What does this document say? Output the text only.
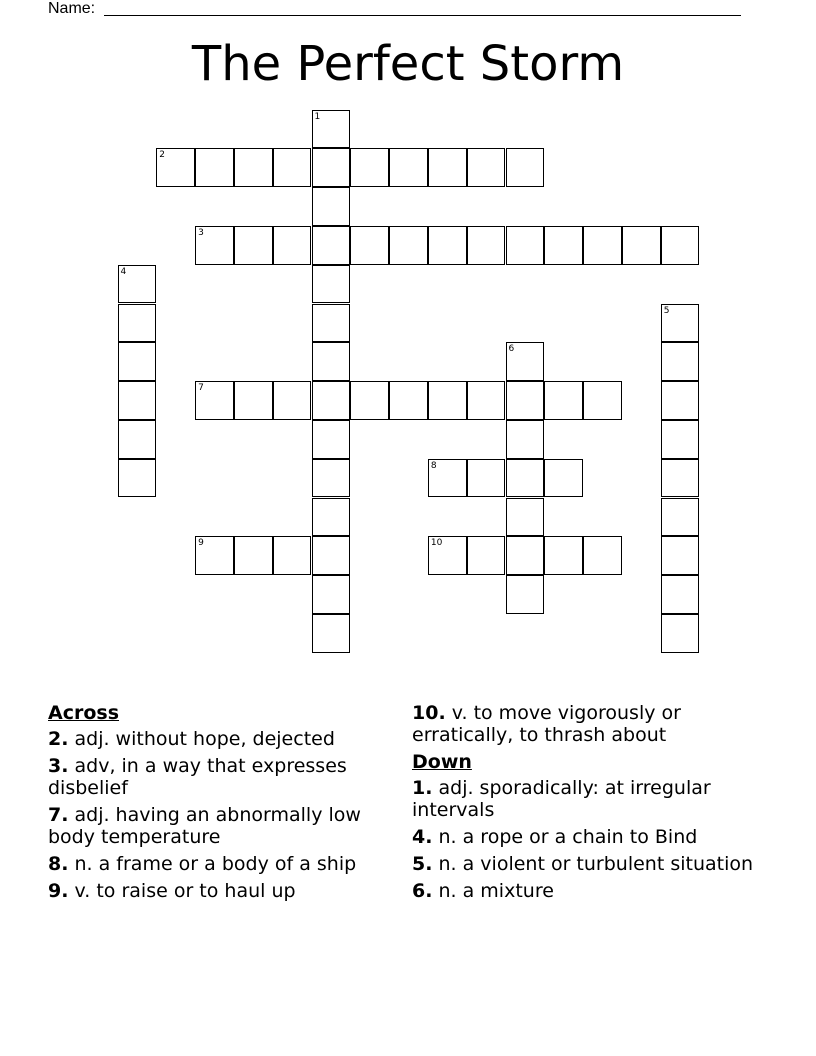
Name:
The Perfect Storm
1
2
3
4
5
6
7
8
9	10
Across
2. adj. without hope, dejected
3. adv, in a way that expresses disbelief
7. adj. having an abnormally low body temperature
8. n. a frame or a body of a ship
9. v. to raise or to haul up
10. v. to move vigorously or erratically, to thrash about
Down
1. adj. sporadically: at irregular intervals
4. n. a rope or a chain to Bind
5. n. a violent or turbulent situation
6. n. a mixture
